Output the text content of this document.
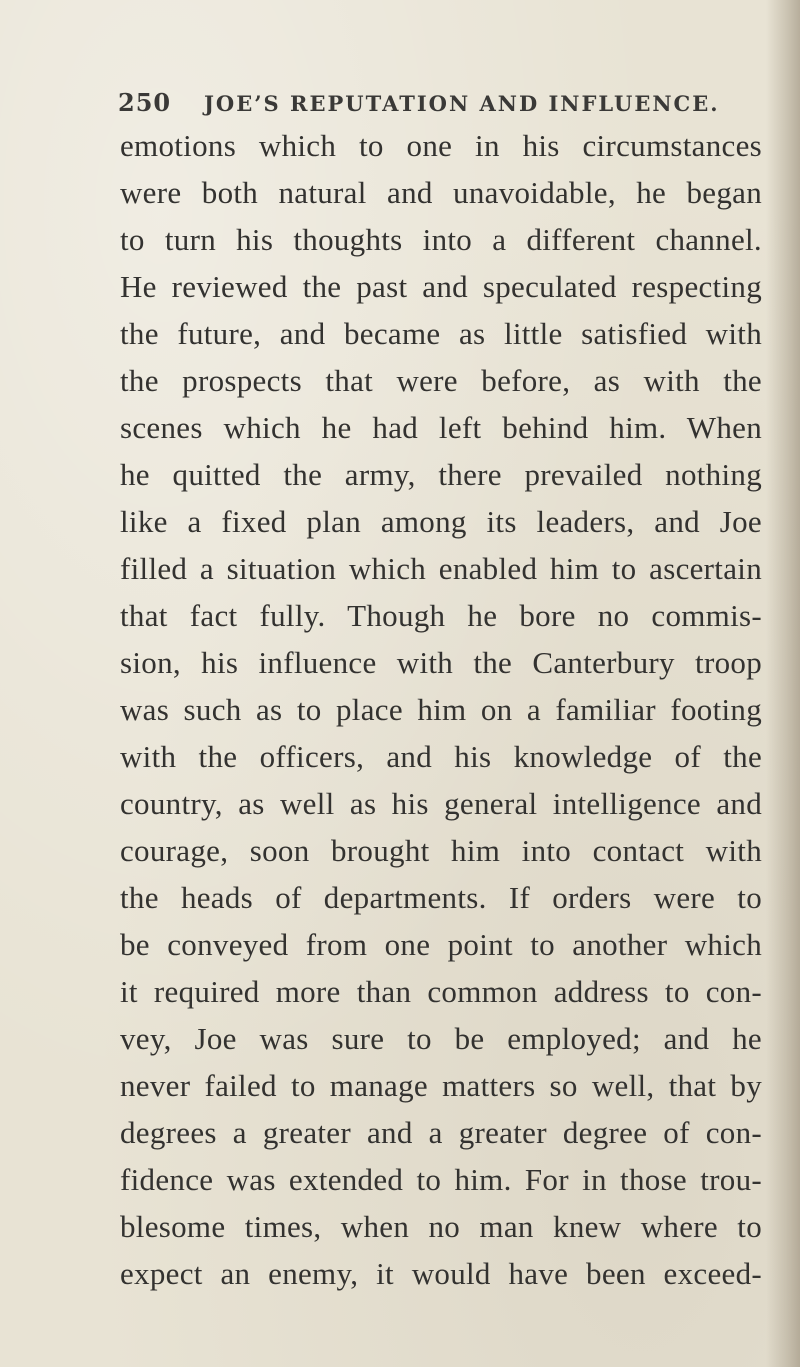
250 JOE’S REPUTATION AND INFLUENCE.
emotions which to one in his circumstances
were both natural and unavoidable, he began
to turn his thoughts into a different channel.
He reviewed the past and speculated respecting
the future, and became as little satisfied with
the prospects that were before, as with the
scenes which he had left behind him. When
he quitted the army, there prevailed nothing
like a fixed plan among its leaders, and Joe
filled a situation which enabled him to ascertain
that fact fully. Though he bore no commis-
sion, his influence with the Canterbury troop
was such as to place him on a familiar footing
with the officers, and his knowledge of the
country, as well as his general intelligence and
courage, soon brought him into contact with
the heads of departments. If orders were to
be conveyed from one point to another which
it required more than common address to con-
vey, Joe was sure to be employed; and he
never failed to manage matters so well, that by
degrees a greater and a greater degree of con-
fidence was extended to him. For in those trou-
blesome times, when no man knew where to
expect an enemy, it would have been exceed-
